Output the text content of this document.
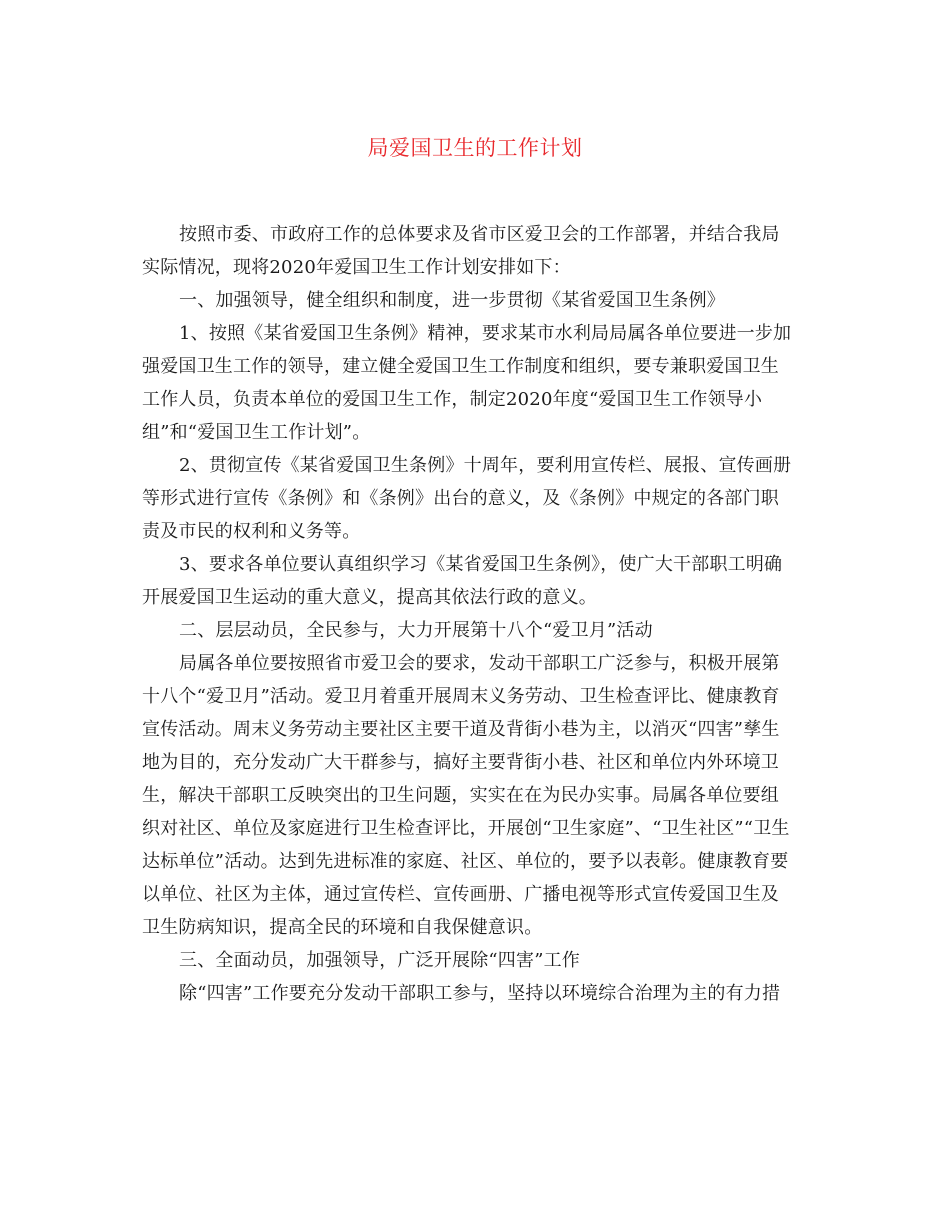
局爱国卫生的工作计划
按照市委、市政府工作的总体要求及省市区爱卫会的工作部署，并结合我局
实际情况，现将2020年爱国卫生工作计划安排如下：
一、加强领导，健全组织和制度，进一步贯彻《某省爱国卫生条例》
1、按照《某省爱国卫生条例》精神，要求某市水利局局属各单位要进一步加
强爱国卫生工作的领导，建立健全爱国卫生工作制度和组织，要专兼职爱国卫生
工作人员，负责本单位的爱国卫生工作，制定2020年度“爱国卫生工作领导小
组”和“爱国卫生工作计划”。
2、贯彻宣传《某省爱国卫生条例》十周年，要利用宣传栏、展报、宣传画册
等形式进行宣传《条例》和《条例》出台的意义，及《条例》中规定的各部门职
责及市民的权利和义务等。
3、要求各单位要认真组织学习《某省爱国卫生条例》，使广大干部职工明确
开展爱国卫生运动的重大意义，提高其依法行政的意义。
二、层层动员，全民参与，大力开展第十八个“爱卫月”活动
局属各单位要按照省市爱卫会的要求，发动干部职工广泛参与，积极开展第
十八个“爱卫月”活动。爱卫月着重开展周末义务劳动、卫生检查评比、健康教育
宣传活动。周末义务劳动主要社区主要干道及背街小巷为主，以消灭“四害”孳生
地为目的，充分发动广大干群参与，搞好主要背街小巷、社区和单位内外环境卫
生，解决干部职工反映突出的卫生问题，实实在在为民办实事。局属各单位要组
织对社区、单位及家庭进行卫生检查评比，开展创“卫生家庭”、“卫生社区”“卫生
达标单位”活动。达到先进标准的家庭、社区、单位的，要予以表彰。健康教育要
以单位、社区为主体，通过宣传栏、宣传画册、广播电视等形式宣传爱国卫生及
卫生防病知识，提高全民的环境和自我保健意识。
三、全面动员，加强领导，广泛开展除“四害”工作
除“四害”工作要充分发动干部职工参与，坚持以环境综合治理为主的有力措
